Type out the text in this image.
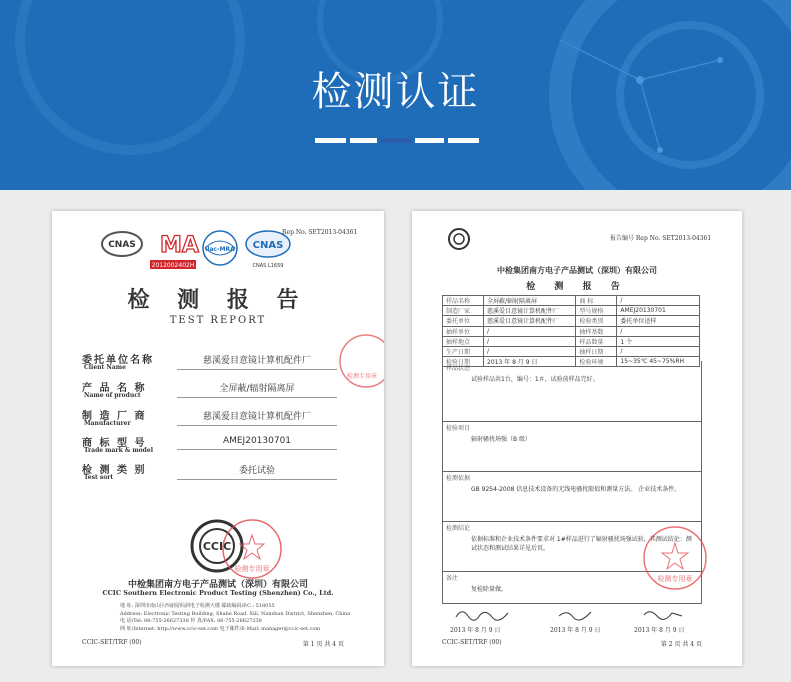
检测认证
CNAS MA
2012002402H
ilac-MRA CNAS
CNAS L1659
Rep No. SET2013-04361
检 测 报 告
TEST REPORT
委托单位名称
Client Name
慈溪爱目意镜计算机配件厂
产 品 名 称
Name of product
全屏蔽/辐射隔离屏
制 造 厂 商
Manufacturer
慈溪爱目意镜计算机配件厂
商 标 型 号
Trade mark & model
AMEJ20130701
检 测 类 别
Test sort
委托试验
CCIC
检测专用章
检测专用章
中检集团南方电子产品测试（深圳）有限公司
CCIC Southern Electronic Product Testing (Shenzhen) Co., Ltd.
地 址: 深圳市南山区西丽留仙洞电子检测大楼 邮政编码/P.C.: 518055
Address: Electronic Testing Building, Shahe Road, Xili, Nanshan District, Shenzhen, China
电 话/Tel: 86-755-26627338 传 真/FAX: 86-755-26627238
网 址/Internet: http://www.ccic-set.com 电子邮件/E-Mail: manager@ccic-set.com
CCIC-SET/TRF (00)	第 1 页 共 4 页
报告编号 Rep No. SET2013-04361
中检集团南方电子产品测试（深圳）有限公司
检 测 报 告
样品名称	全屏蔽/辐射隔离屏	商 标	/
制造厂家	慈溪爱目意镜计算机配件厂	型号规格	AMEJ20130701
委托单位	慈溪爱目意镜计算机配件厂	检验类别	委托单位送样
抽样单位	/	抽样基数	/
抽样地点	/	样品数量	1 个
生产日期	/	抽样日期	/
检验日期	2013 年 8 月 9 日	检验环境	15~35℃ 45~75%RH
样品状态
试验样品共1台，编号：1＃，试验前样品完好。
检验项目
辐射骚扰场强（B 级）
检测依据
GB 9254-2008 信息技术设备的无线电骚扰限值和测量方法。 企业技术条件。
检测结论
依据标准和企业技术条件要求对 1#样品进行了辐射骚扰场强试验，其测试结论：测试状态和测试结果详见后页。
备注
复检除量做。
2013 年 8 月 9 日	2013 年 8 月 9 日	2013 年 8 月 9 日
检测专用章
CCIC-SET/TRF (00)	第 2 页 共 4 页
